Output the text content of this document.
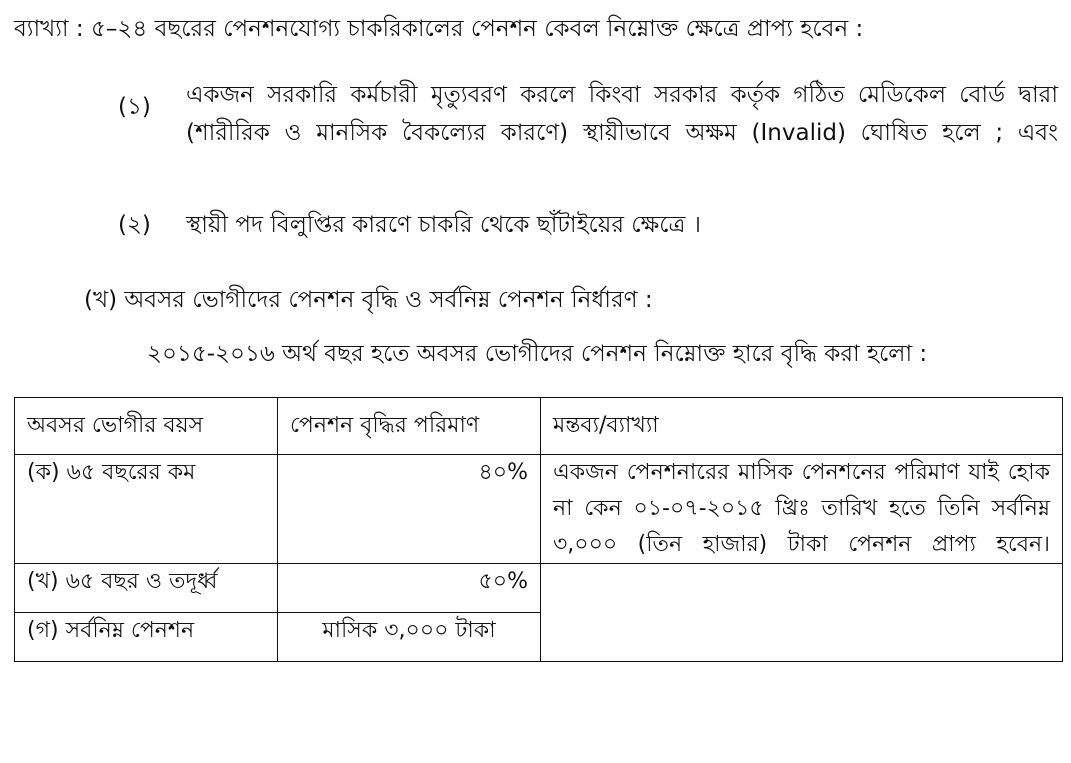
ব্যাখ্যা : ৫–২৪ বছরের পেনশনযোগ্য চাকরিকালের পেনশন কেবল নিম্নোক্ত ক্ষেত্রে প্রাপ্য হবেন :
(১) একজন সরকারি কর্মচারী মৃত্যুবরণ করলে কিংবা সরকার কর্তৃক গঠিত মেডিকেল বোর্ড দ্বারা (শারীরিক ও মানসিক বৈকল্যের কারণে) স্থায়ীভাবে অক্ষম (Invalid) ঘোষিত হলে ; এবং
(২) স্থায়ী পদ বিলুপ্তির কারণে চাকরি থেকে ছাঁটাইয়ের ক্ষেত্রে ।
(খ) অবসর ভোগীদের পেনশন বৃদ্ধি ও সর্বনিম্ন পেনশন নির্ধারণ :
২০১৫-২০১৬ অর্থ বছর হতে অবসর ভোগীদের পেনশন নিম্নোক্ত হারে বৃদ্ধি করা হলো :
অবসর ভোগীর বয়স	পেনশন বৃদ্ধির পরিমাণ	মন্তব্য/ব্যাখ্যা
(ক) ৬৫ বছরের কম	৪০%	একজন পেনশনারের মাসিক পেনশনের পরিমাণ যাই হোক না কেন ০১-০৭-২০১৫ খ্রিঃ তারিখ হতে তিনি সর্বনিম্ন ৩,০০০ (তিন হাজার) টাকা পেনশন প্রাপ্য হবেন।
(খ) ৬৫ বছর ও তদূর্ধ্ব	৫০%	
(গ) সর্বনিম্ন পেনশন	মাসিক ৩,০০০ টাকা	
